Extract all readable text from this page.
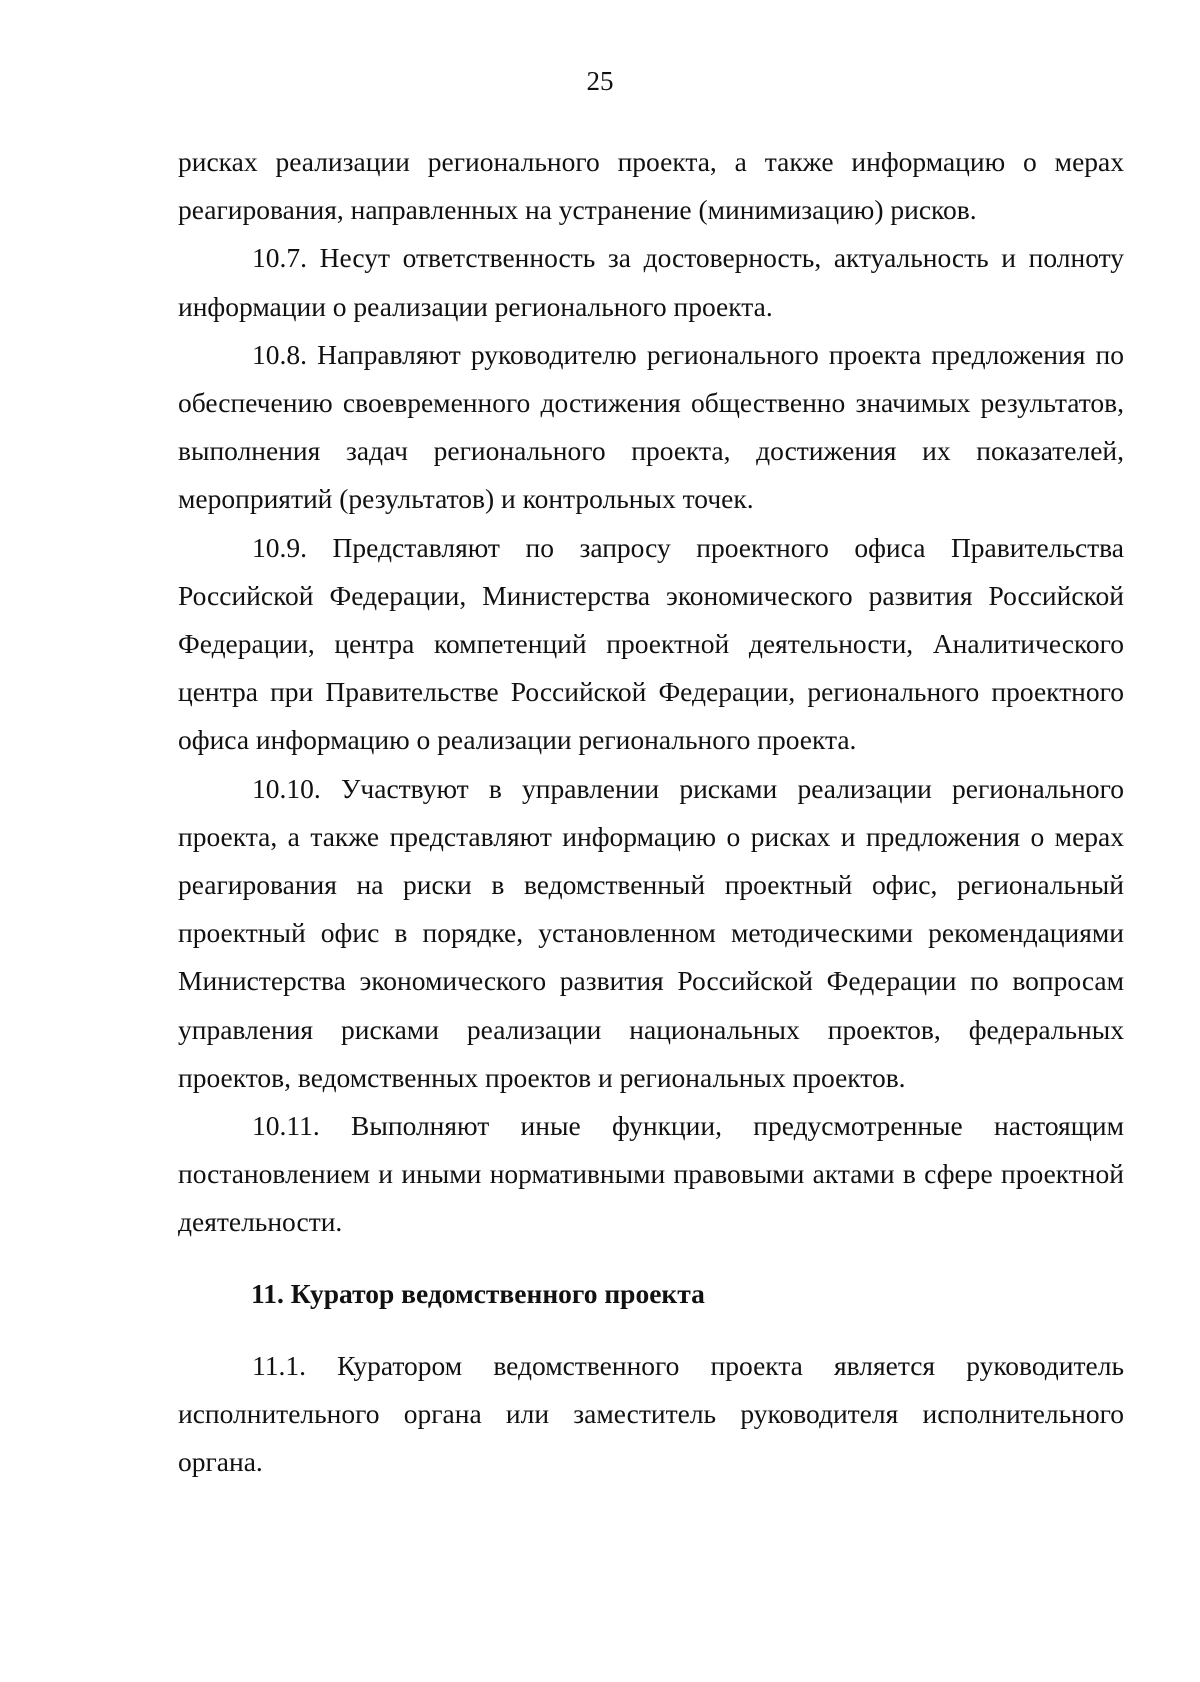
25

рисках реализации регионального проекта, а также информацию о мерах реагирования, направленных на устранение (минимизацию) рисков.

10.7. Несут ответственность за достоверность, актуальность и полноту информации о реализации регионального проекта.

10.8. Направляют руководителю регионального проекта предложения по обеспечению своевременного достижения общественно значимых результатов, выполнения задач регионального проекта, достижения их показателей, мероприятий (результатов) и контрольных точек.

10.9. Представляют по запросу проектного офиса Правительства Российской Федерации, Министерства экономического развития Российской Федерации, центра компетенций проектной деятельности, Аналитического центра при Правительстве Российской Федерации, регионального проектного офиса информацию о реализации регионального проекта.

10.10. Участвуют в управлении рисками реализации регионального проекта, а также представляют информацию о рисках и предложения о мерах реагирования на риски в ведомственный проектный офис, региональный проектный офис в порядке, установленном методическими рекомендациями Министерства экономического развития Российской Федерации по вопросам управления рисками реализации национальных проектов, федеральных проектов, ведомственных проектов и региональных проектов.

10.11. Выполняют иные функции, предусмотренные настоящим постановлением и иными нормативными правовыми актами в сфере проектной деятельности.

11. Куратор ведомственного проекта

11.1. Куратором ведомственного проекта является руководитель исполнительного органа или заместитель руководителя исполнительного органа.
